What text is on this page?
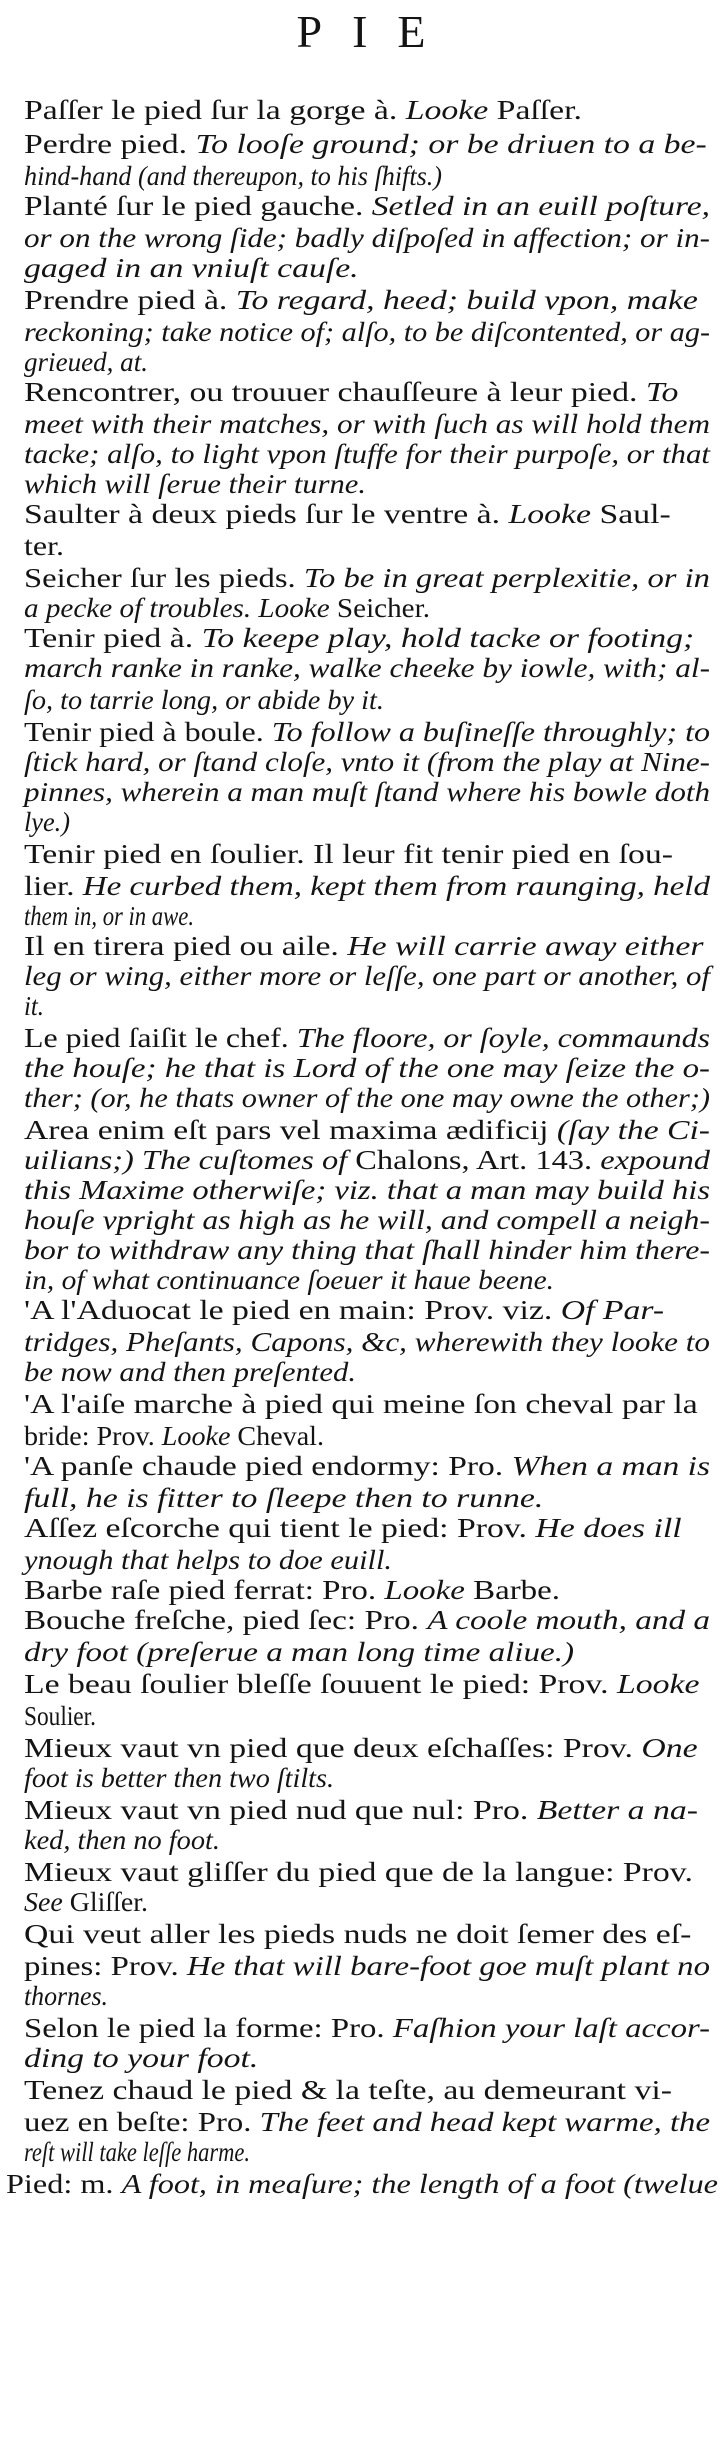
PIE
Paſſer le pied ſur la gorge à. Looke Paſſer.
Perdre pied. To looſe ground; or be driuen to a be-
hind-hand (and thereupon, to his ſhifts.)
Planté ſur le pied gauche. Setled in an euill poſture,
or on the wrong ſide; badly diſpoſed in affection; or in-
gaged in an vniuſt cauſe.
Prendre pied à. To regard, heed; build vpon, make
reckoning; take notice of; alſo, to be diſcontented, or ag-
grieued, at.
Rencontrer, ou trouuer chauſſeure à leur pied. To
meet with their matches, or with ſuch as will hold them
tacke; alſo, to light vpon ſtuffe for their purpoſe, or that
which will ſerue their turne.
Saulter à deux pieds ſur le ventre à. Looke Saul-
ter.
Seicher ſur les pieds. To be in great perplexitie, or in
a pecke of troubles. Looke Seicher.
Tenir pied à. To keepe play, hold tacke or footing;
march ranke in ranke, walke cheeke by iowle, with; al-
ſo, to tarrie long, or abide by it.
Tenir pied à boule. To follow a buſineſſe throughly; to
ſtick hard, or ſtand cloſe, vnto it (from the play at Nine-
pinnes, wherein a man muſt ſtand where his bowle doth
lye.)
Tenir pied en ſoulier. Il leur fit tenir pied en ſou-
lier. He curbed them, kept them from raunging, held
them in, or in awe.
Il en tirera pied ou aile. He will carrie away either
leg or wing, either more or leſſe, one part or another, of
it.
Le pied ſaiſit le chef. The floore, or ſoyle, commaunds
the houſe; he that is Lord of the one may ſeize the o-
ther; (or, he thats owner of the one may owne the other;)
Area enim eſt pars vel maxima ædificij (ſay the Ci-
uilians;) The cuſtomes of Chalons, Art. 143. expound
this Maxime otherwiſe; viz. that a man may build his
houſe vpright as high as he will, and compell a neigh-
bor to withdraw any thing that ſhall hinder him there-
in, of what continuance ſoeuer it haue beene.
'A l'Aduocat le pied en main: Prov. viz. Of Par-
tridges, Pheſants, Capons, &c, wherewith they looke to
be now and then preſented.
'A l'aiſe marche à pied qui meine ſon cheval par la
bride: Prov. Looke Cheval.
'A panſe chaude pied endormy: Pro. When a man is
full, he is fitter to ſleepe then to runne.
Aſſez eſcorche qui tient le pied: Prov. He does ill
ynough that helps to doe euill.
Barbe raſe pied ferrat: Pro. Looke Barbe.
Bouche freſche, pied ſec: Pro. A coole mouth, and a
dry foot (preſerue a man long time aliue.)
Le beau ſoulier bleſſe ſouuent le pied: Prov. Looke
Soulier.
Mieux vaut vn pied que deux eſchaſſes: Prov. One
foot is better then two ſtilts.
Mieux vaut vn pied nud que nul: Pro. Better a na-
ked, then no foot.
Mieux vaut gliſſer du pied que de la langue: Prov.
See Gliſſer.
Qui veut aller les pieds nuds ne doit ſemer des eſ-
pines: Prov. He that will bare-foot goe muſt plant no
thornes.
Selon le pied la forme: Pro. Faſhion your laſt accor-
ding to your foot.
Tenez chaud le pied & la teſte, au demeurant vi-
uez en beſte: Pro. The feet and head kept warme, the
reſt will take leſſe harme.
Pied: m. A foot, in meaſure; the length of a foot (twelue
